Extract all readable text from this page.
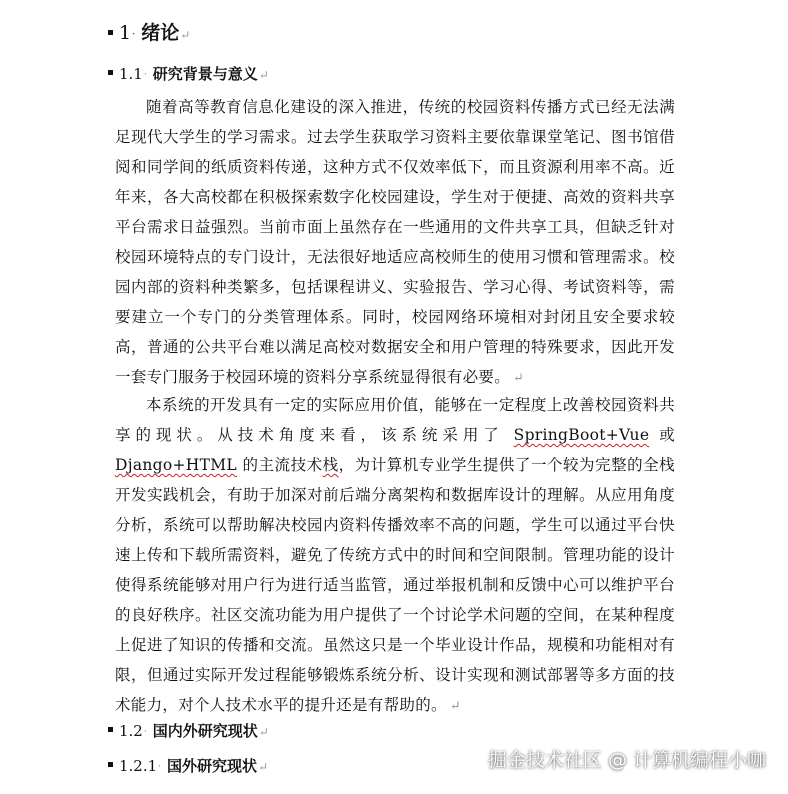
1 · 绪论 ↵
1.1 · 研究背景与意义 ↵
随着高等教育信息化建设的深入推进，传统的校园资料传播方式已经无法满足现代大学生的学习需求。过去学生获取学习资料主要依靠课堂笔记、图书馆借阅和同学间的纸质资料传递，这种方式不仅效率低下，而且资源利用率不高。近年来，各大高校都在积极探索数字化校园建设，学生对于便捷、高效的资料共享平台需求日益强烈。当前市面上虽然存在一些通用的文件共享工具，但缺乏针对校园环境特点的专门设计，无法很好地适应高校师生的使用习惯和管理需求。校园内部的资料种类繁多，包括课程讲义、实验报告、学习心得、考试资料等，需要建立一个专门的分类管理体系。同时，校园网络环境相对封闭且安全要求较高，普通的公共平台难以满足高校对数据安全和用户管理的特殊要求，因此开发一套专门服务于校园环境的资料分享系统显得很有必要。 ↵
本系统的开发具有一定的实际应用价值，能够在一定程度上改善校园资料共享的现状。从技术角度来看，该系统采用了 SpringBoot+Vue 或 Django+HTML 的主流技术栈，为计算机专业学生提供了一个较为完整的全栈开发实践机会，有助于加深对前后端分离架构和数据库设计的理解。从应用角度分析，系统可以帮助解决校园内资料传播效率不高的问题，学生可以通过平台快速上传和下载所需资料，避免了传统方式中的时间和空间限制。管理功能的设计使得系统能够对用户行为进行适当监管，通过举报机制和反馈中心可以维护平台的良好秩序。社区交流功能为用户提供了一个讨论学术问题的空间，在某种程度上促进了知识的传播和交流。虽然这只是一个毕业设计作品，规模和功能相对有限，但通过实际开发过程能够锻炼系统分析、设计实现和测试部署等多方面的技术能力，对个人技术水平的提升还是有帮助的。 ↵
1.2 · 国内外研究现状 ↵
1.2.1 · 国外研究现状 ↵	掘金技术社区 @ 计算机编程小咖
